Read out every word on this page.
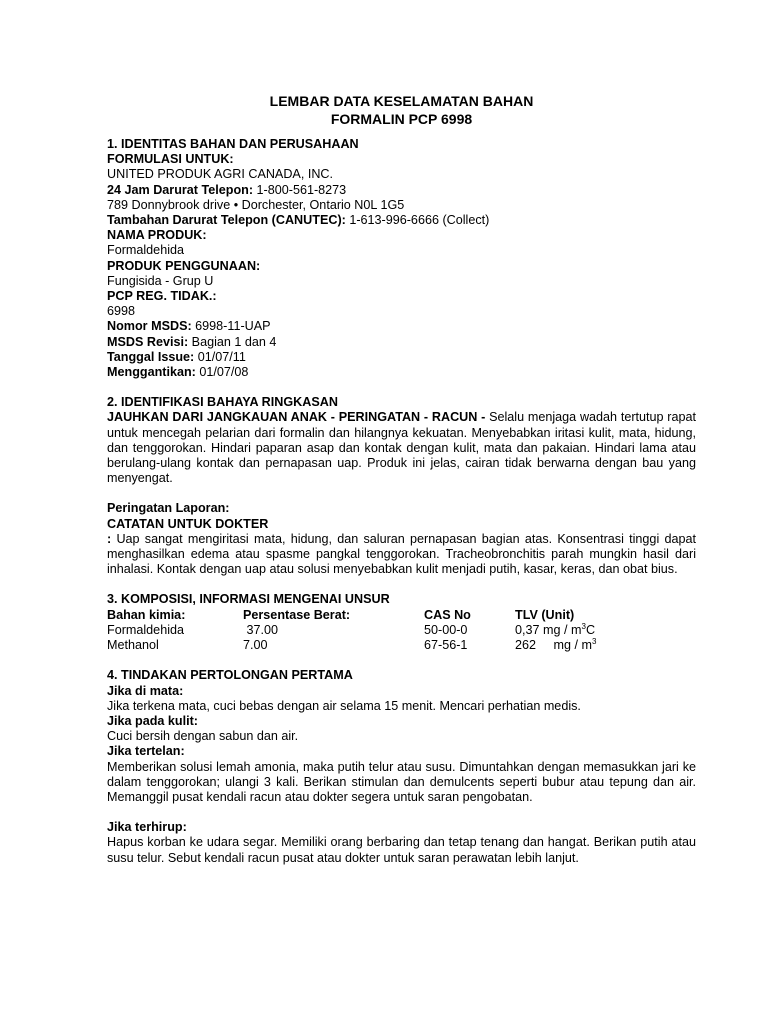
LEMBAR DATA KESELAMATAN BAHAN
FORMALIN PCP 6998
1. IDENTITAS BAHAN DAN PERUSAHAAN
FORMULASI UNTUK:
UNITED PRODUK AGRI CANADA, INC.
24 Jam Darurat Telepon: 1-800-561-8273
789 Donnybrook drive • Dorchester, Ontario N0L 1G5
Tambahan Darurat Telepon (CANUTEC): 1-613-996-6666 (Collect)
NAMA PRODUK:
Formaldehida
PRODUK PENGGUNAAN:
Fungisida - Grup U
PCP REG. TIDAK.:
6998
Nomor MSDS: 6998-11-UAP
MSDS Revisi: Bagian 1 dan 4
Tanggal Issue: 01/07/11
Menggantikan: 01/07/08
2. IDENTIFIKASI BAHAYA RINGKASAN
JAUHKAN DARI JANGKAUAN ANAK - PERINGATAN - RACUN - Selalu menjaga wadah tertutup rapat untuk mencegah pelarian dari formalin dan hilangnya kekuatan. Menyebabkan iritasi kulit, mata, hidung, dan tenggorokan. Hindari paparan asap dan kontak dengan kulit, mata dan pakaian. Hindari lama atau berulang-ulang kontak dan pernapasan uap. Produk ini jelas, cairan tidak berwarna dengan bau yang menyengat.
Peringatan Laporan:
CATATAN UNTUK DOKTER
: Uap sangat mengiritasi mata, hidung, dan saluran pernapasan bagian atas. Konsentrasi tinggi dapat menghasilkan edema atau spasme pangkal tenggorokan. Tracheobronchitis parah mungkin hasil dari inhalasi. Kontak dengan uap atau solusi menyebabkan kulit menjadi putih, kasar, keras, dan obat bius.
3. KOMPOSISI, INFORMASI MENGENAI UNSUR
Bahan kimia:	Persentase Berat:	CAS No	TLV (Unit)
Formaldehida	37.00	50-00-0	0,37 mg / $m^3C$
Methanol	7.00	67-56-1	262     mg / $m^3$
4. TINDAKAN PERTOLONGAN PERTAMA
Jika di mata:
Jika terkena mata, cuci bebas dengan air selama 15 menit. Mencari perhatian medis.
Jika pada kulit:
Cuci bersih dengan sabun dan air.
Jika tertelan:
Memberikan solusi lemah amonia, maka putih telur atau susu. Dimuntahkan dengan memasukkan jari ke dalam tenggorokan; ulangi 3 kali. Berikan stimulan dan demulcents seperti bubur atau tepung dan air. Memanggil pusat kendali racun atau dokter segera untuk saran pengobatan.
Jika terhirup:
Hapus korban ke udara segar. Memiliki orang berbaring dan tetap tenang dan hangat. Berikan putih atau susu telur. Sebut kendali racun pusat atau dokter untuk saran perawatan lebih lanjut.
